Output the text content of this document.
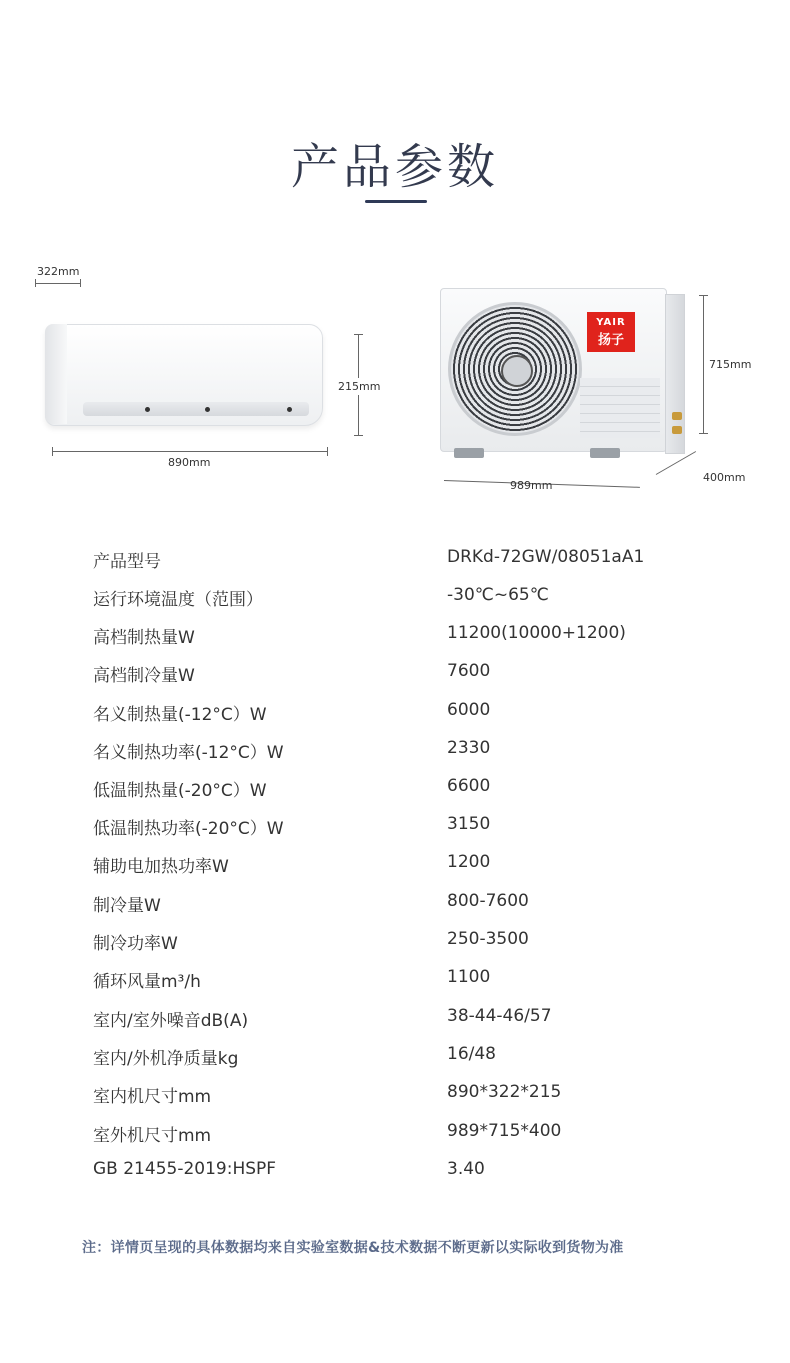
产品参数
322mm
215mm
890mm
YAIR
扬子
715mm
989mm
400mm
产品型号	DRKd-72GW/08051aA1
运行环境温度（范围）	-30℃~65℃
高档制热量W	11200(10000+1200)
高档制冷量W	7600
名义制热量(-12°C）W	6000
名义制热功率(-12°C）W	2330
低温制热量(-20°C）W	6600
低温制热功率(-20°C）W	3150
辅助电加热功率W	1200
制冷量W	800-7600
制冷功率W	250-3500
循环风量m³/h	1100
室内/室外噪音dB(A)	38-44-46/57
室内/外机净质量kg	16/48
室内机尺寸mm	890*322*215
室外机尺寸mm	989*715*400
GB 21455-2019:HSPF	3.40
注：详情页呈现的具体数据均来自实验室数据&技术数据不断更新以实际收到货物为准
